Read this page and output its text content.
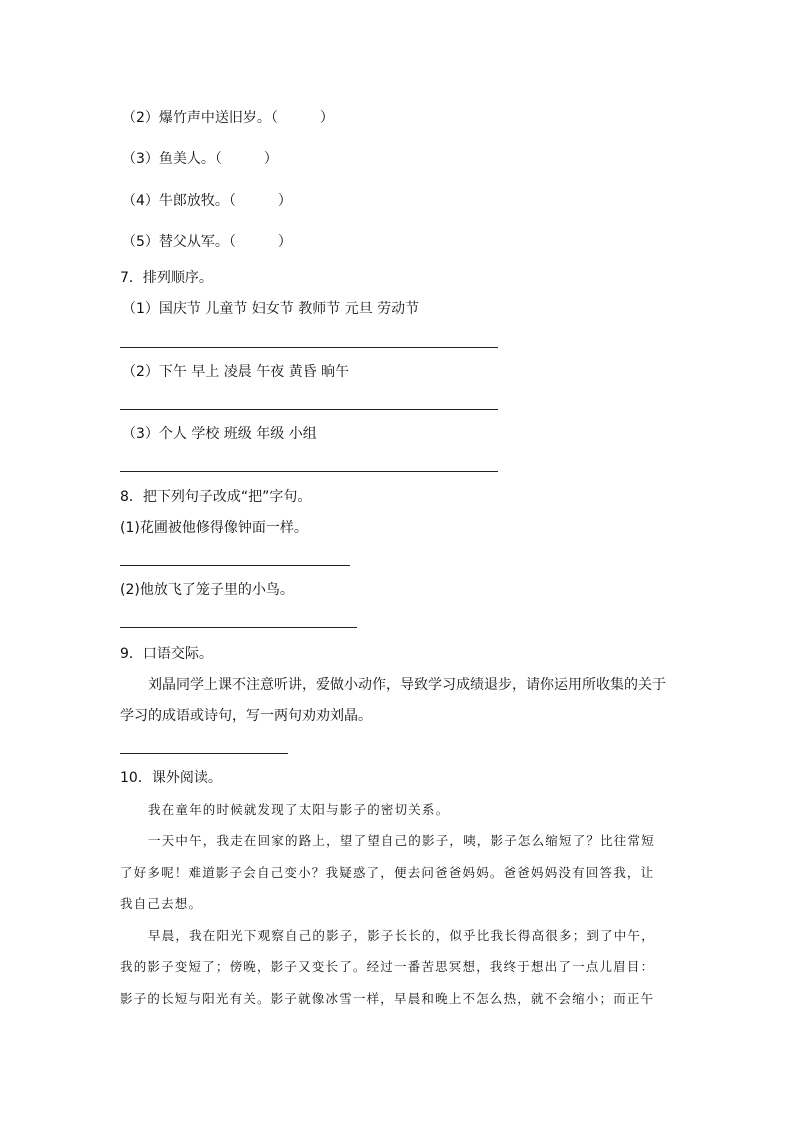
（2）爆竹声中送旧岁。（　　　）
（3）鱼美人。（　　　）
（4）牛郎放牧。（　　　）
（5）替父从军。（　　　）
7．排列顺序。
（1）国庆节 儿童节 妇女节 教师节 元旦 劳动节
（2）下午 早上 凌晨 午夜 黄昏 晌午
（3）个人 学校 班级 年级 小组
8．把下列句子改成“把”字句。
(1)花圃被他修得像钟面一样。
(2)他放飞了笼子里的小鸟。
9．口语交际。
刘晶同学上课不注意听讲，爱做小动作，导致学习成绩退步，请你运用所收集的关于
学习的成语或诗句，写一两句劝劝刘晶。
10．课外阅读。
我在童年的时候就发现了太阳与影子的密切关系。
一天中午，我走在回家的路上，望了望自己的影子，咦，影子怎么缩短了？比往常短
了好多呢！难道影子会自己变小？我疑惑了，便去问爸爸妈妈。爸爸妈妈没有回答我，让
我自己去想。
早晨，我在阳光下观察自己的影子，影子长长的，似乎比我长得高很多；到了中午，
我的影子变短了；傍晚，影子又变长了。经过一番苦思冥想，我终于想出了一点儿眉目：
影子的长短与阳光有关。影子就像冰雪一样，早晨和晚上不怎么热，就不会缩小；而正午
